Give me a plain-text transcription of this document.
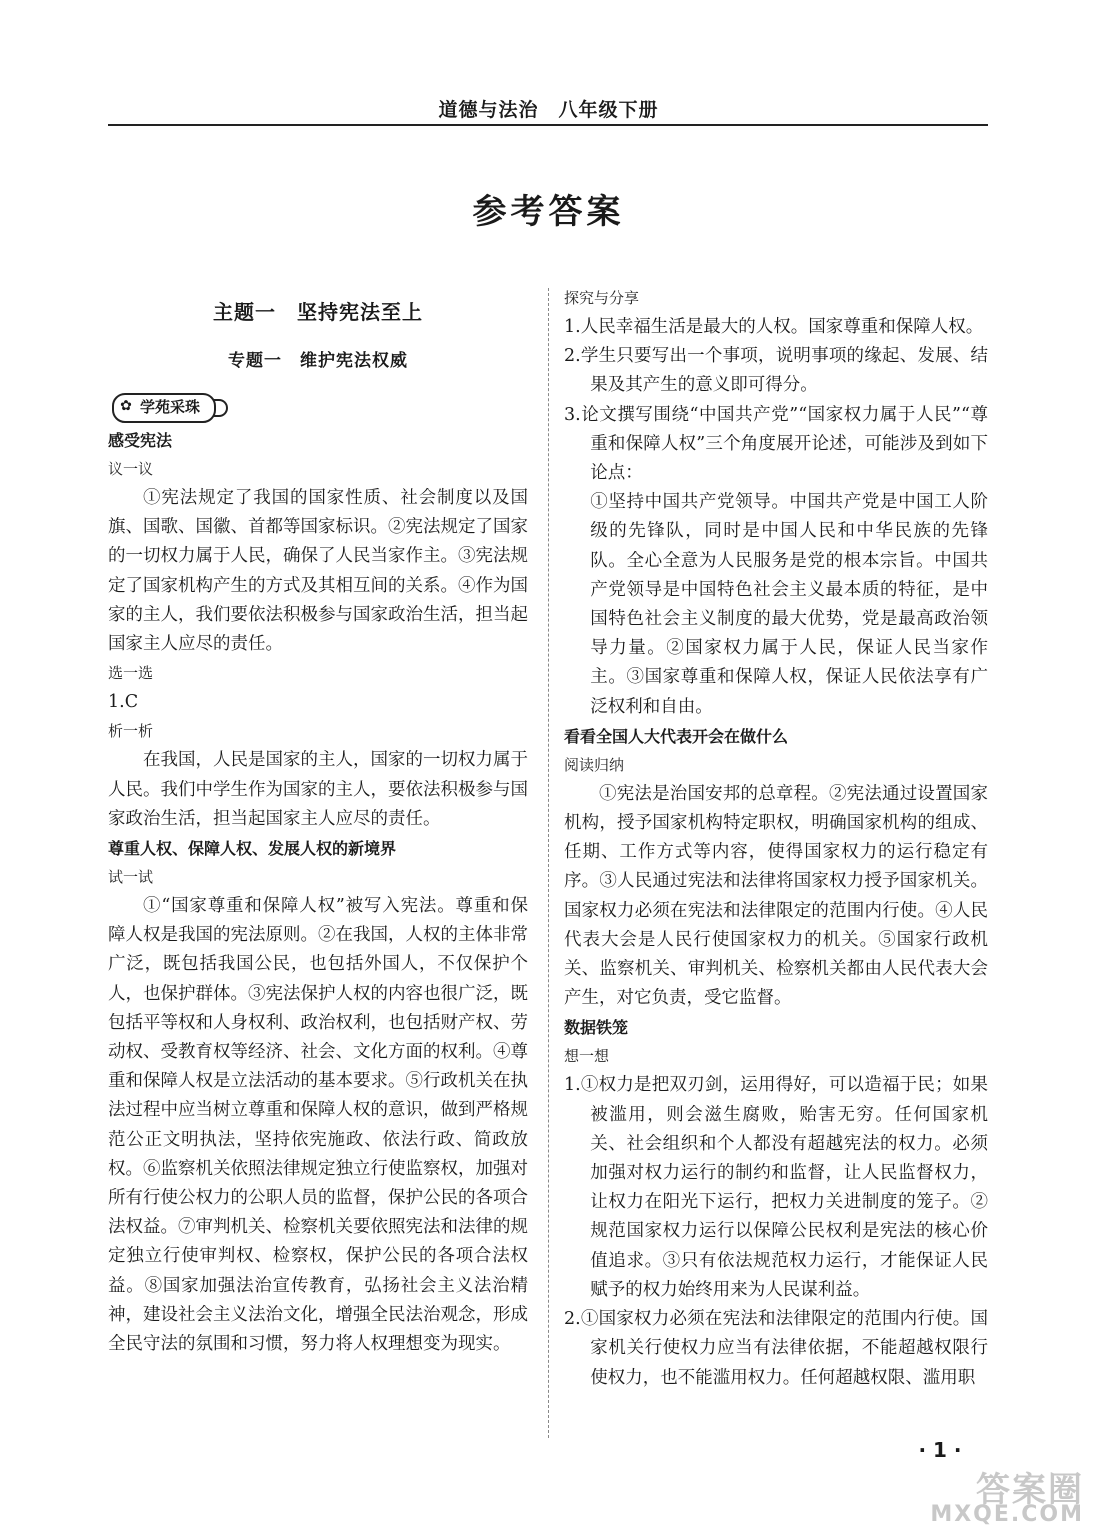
道德与法治　八年级下册
参考答案
主题一　坚持宪法至上
专题一　维护宪法权威
✿ 学苑采珠
感受宪法
议一议

①宪法规定了我国的国家性质、社会制度以及国旗、国歌、国徽、首都等国家标识。②宪法规定了国家的一切权力属于人民，确保了人民当家作主。③宪法规定了国家机构产生的方式及其相互间的关系。④作为国家的主人，我们要依法积极参与国家政治生活，担当起国家主人应尽的责任。

选一选

1.C

析一析

在我国，人民是国家的主人，国家的一切权力属于人民。我们中学生作为国家的主人，要依法积极参与国家政治生活，担当起国家主人应尽的责任。

尊重人权、保障人权、发展人权的新境界
试一试

①“国家尊重和保障人权”被写入宪法。尊重和保障人权是我国的宪法原则。②在我国，人权的主体非常广泛，既包括我国公民，也包括外国人，不仅保护个人，也保护群体。③宪法保护人权的内容也很广泛，既包括平等权和人身权利、政治权利，也包括财产权、劳动权、受教育权等经济、社会、文化方面的权利。④尊重和保障人权是立法活动的基本要求。⑤行政机关在执法过程中应当树立尊重和保障人权的意识，做到严格规范公正文明执法，坚持依宪施政、依法行政、简政放权。⑥监察机关依照法律规定独立行使监察权，加强对所有行使公权力的公职人员的监督，保护公民的各项合法权益。⑦审判机关、检察机关要依照宪法和法律的规定独立行使审判权、检察权，保护公民的各项合法权益。⑧国家加强法治宣传教育，弘扬社会主义法治精神，建设社会主义法治文化，增强全民法治观念，形成全民守法的氛围和习惯，努力将人权理想变为现实。

探究与分享

1.人民幸福生活是最大的人权。国家尊重和保障人权。

2.学生只要写出一个事项，说明事项的缘起、发展、结果及其产生的意义即可得分。

3.论文撰写围绕“中国共产党”“国家权力属于人民”“尊重和保障人权”三个角度展开论述，可能涉及到如下论点：

①坚持中国共产党领导。中国共产党是中国工人阶级的先锋队，同时是中国人民和中华民族的先锋队。全心全意为人民服务是党的根本宗旨。中国共产党领导是中国特色社会主义最本质的特征，是中国特色社会主义制度的最大优势，党是最高政治领导力量。②国家权力属于人民，保证人民当家作主。③国家尊重和保障人权，保证人民依法享有广泛权利和自由。

看看全国人大代表开会在做什么
阅读归纳

①宪法是治国安邦的总章程。②宪法通过设置国家机构，授予国家机构特定职权，明确国家机构的组成、任期、工作方式等内容，使得国家权力的运行稳定有序。③人民通过宪法和法律将国家权力授予国家机关。国家权力必须在宪法和法律限定的范围内行使。④人民代表大会是人民行使国家权力的机关。⑤国家行政机关、监察机关、审判机关、检察机关都由人民代表大会产生，对它负责，受它监督。

数据铁笼
想一想

1.①权力是把双刃剑，运用得好，可以造福于民；如果被滥用，则会滋生腐败，贻害无穷。任何国家机关、社会组织和个人都没有超越宪法的权力。必须加强对权力运行的制约和监督，让人民监督权力，让权力在阳光下运行，把权力关进制度的笼子。②规范国家权力运行以保障公民权利是宪法的核心价值追求。③只有依法规范权力运行，才能保证人民赋予的权力始终用来为人民谋利益。

2.①国家权力必须在宪法和法律限定的范围内行使。国家机关行使权力应当有法律依据，不能超越权限行使权力，也不能滥用权力。任何超越权限、滥用职

· 1 ·
答案圈
MXQE.COM
